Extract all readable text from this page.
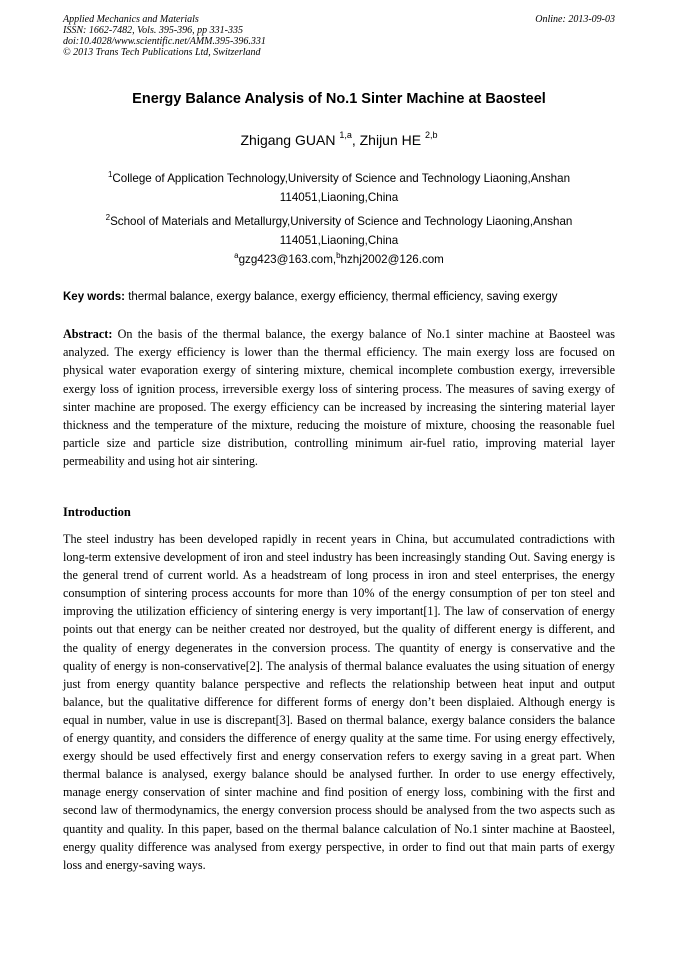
Applied Mechanics and Materials
ISSN: 1662-7482, Vols. 395-396, pp 331-335
doi:10.4028/www.scientific.net/AMM.395-396.331
© 2013 Trans Tech Publications Ltd, Switzerland
Online: 2013-09-03
Energy Balance Analysis of No.1 Sinter Machine at Baosteel
Zhigang GUAN $^{1,a}$, Zhijun HE $^{2,b}$
$^1$College of Application Technology,University of Science and Technology Liaoning,Anshan 114051,Liaoning,China
$^2$School of Materials and Metallurgy,University of Science and Technology Liaoning,Anshan 114051,Liaoning,China
$^a$gzg423@163.com,$^b$hzhj2002@126.com
Key words: thermal balance, exergy balance, exergy efficiency, thermal efficiency, saving exergy
Abstract: On the basis of the thermal balance, the exergy balance of No.1 sinter machine at Baosteel was analyzed. The exergy efficiency is lower than the thermal efficiency. The main exergy loss are focused on physical water evaporation exergy of sintering mixture, chemical incomplete combustion exergy, irreversible exergy loss of ignition process, irreversible exergy loss of sintering process. The measures of saving exergy of sinter machine are proposed. The exergy efficiency can be increased by increasing the sintering material layer thickness and the temperature of the mixture, reducing the moisture of mixture, choosing the reasonable fuel particle size and particle size distribution, controlling minimum air-fuel ratio, improving material layer permeability and using hot air sintering.
Introduction
The steel industry has been developed rapidly in recent years in China, but accumulated contradictions with long-term extensive development of iron and steel industry has been increasingly standing Out. Saving energy is the general trend of current world. As a headstream of long process in iron and steel enterprises, the energy consumption of sintering process accounts for more than 10% of the energy consumption of per ton steel and improving the utilization efficiency of sintering energy is very important[1]. The law of conservation of energy points out that energy can be neither created nor destroyed, but the quality of different energy is different, and the quality of energy degenerates in the conversion process. The quantity of energy is conservative and the quality of energy is non-conservative[2]. The analysis of thermal balance evaluates the using situation of energy just from energy quantity balance perspective and reflects the relationship between heat input and output balance, but the qualitative difference for different forms of energy don’t been displaied. Although energy is equal in number, value in use is discrepant[3]. Based on thermal balance, exergy balance considers the balance of energy quantity, and considers the difference of energy quality at the same time. For using energy effectively, exergy should be used effectively first and energy conservation refers to exergy saving in a great part. When thermal balance is analysed, exergy balance should be analysed further. In order to use energy effectively, manage energy conservation of sinter machine and find position of energy loss, combining with the first and second law of thermodynamics, the energy conversion process should be analysed from the two aspects such as quantity and quality. In this paper, based on the thermal balance calculation of No.1 sinter machine at Baosteel, energy quality difference was analysed from exergy perspective, in order to find out that main parts of exergy loss and energy-saving ways.
